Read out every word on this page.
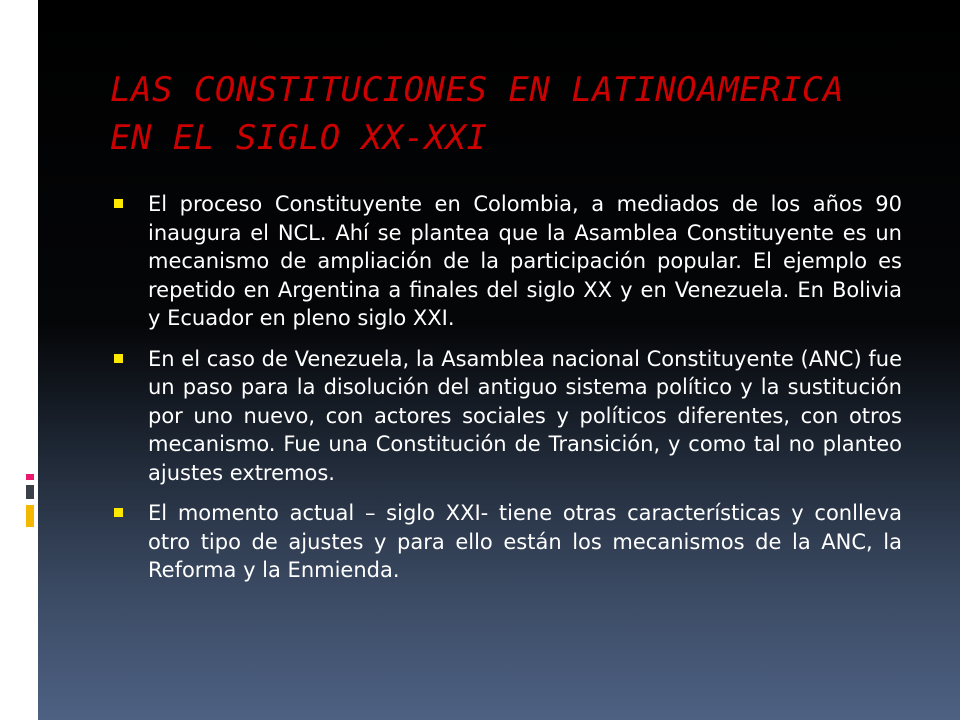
LAS CONSTITUCIONES EN LATINOAMERICA
EN EL SIGLO XX-XXI
El proceso Constituyente en Colombia, a mediados de los años 90 inaugura el NCL. Ahí se plantea que la Asamblea Constituyente es un mecanismo de ampliación de la participación popular. El ejemplo es repetido en Argentina a finales del siglo XX y en Venezuela. En Bolivia y Ecuador en pleno siglo XXI.
En el caso de Venezuela, la Asamblea nacional Constituyente (ANC) fue un paso para la disolución del antiguo sistema político y la sustitución por uno nuevo, con actores sociales y políticos diferentes, con otros mecanismo. Fue una Constitución de Transición, y como tal no planteo ajustes extremos.
El momento actual – siglo XXI- tiene otras características y conlleva otro tipo de ajustes y para ello están los mecanismos de la ANC, la Reforma y la Enmienda.
